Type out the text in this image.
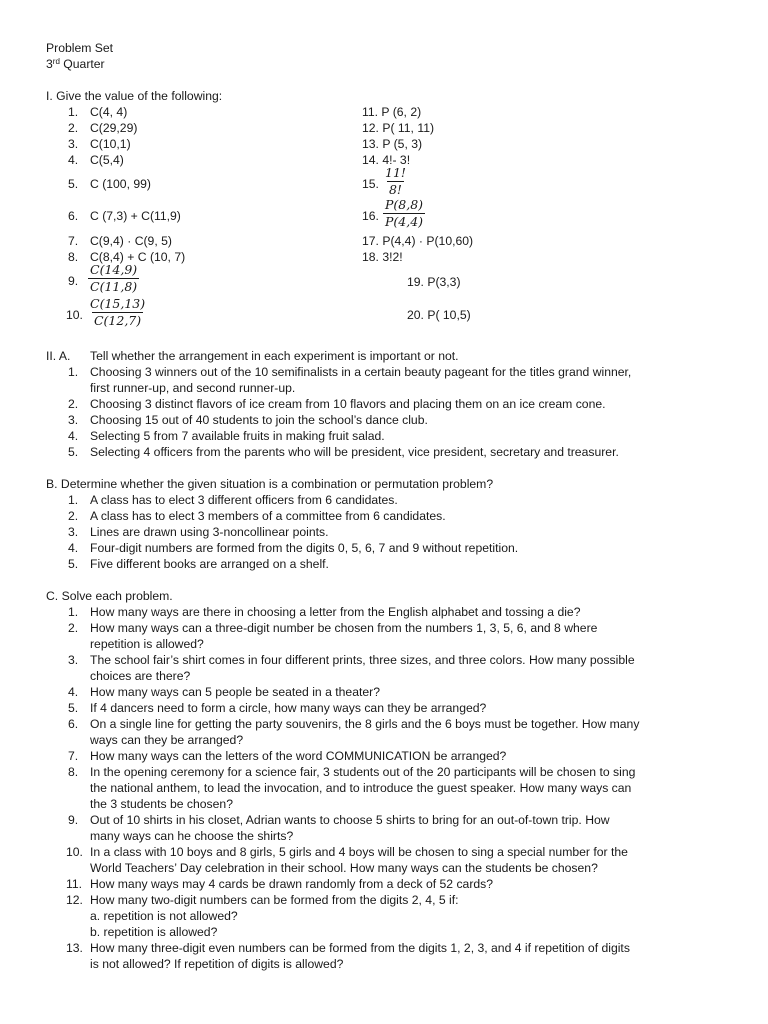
Problem Set
3rd Quarter
I. Give the value of the following:
1. C(4, 4)
2. C(29,29)
3. C(10,1)
4. C(5,4)
5. C (100, 99)
6. C (7,3) + C(11,9)
7. C(9,4) · C(9, 5)
8. C(8,4) + C (10, 7)
9. $\frac{C(14,9)}{C(11,8)}$
10. $\frac{C(15,13)}{C(12,7)}$
11. P (6, 2)
12. P( 11, 11)
13. P (5, 3)
14. 4!- 3!
15. $\frac{11!}{8!}$
16. $\frac{P(8,8)}{P(4,4)}$
17. P(4,4) · P(10,60)
18. 3!2!
19. P(3,3)
20. P( 10,5)
II. A. Tell whether the arrangement in each experiment is important or not.
1. Choosing 3 winners out of the 10 semifinalists in a certain beauty pageant for the titles grand winner,
first runner-up, and second runner-up.
2. Choosing 3 distinct flavors of ice cream from 10 flavors and placing them on an ice cream cone.
3. Choosing 15 out of 40 students to join the school’s dance club.
4. Selecting 5 from 7 available fruits in making fruit salad.
5. Selecting 4 officers from the parents who will be president, vice president, secretary and treasurer.
B. Determine whether the given situation is a combination or permutation problem?
1. A class has to elect 3 different officers from 6 candidates.
2. A class has to elect 3 members of a committee from 6 candidates.
3. Lines are drawn using 3-noncollinear points.
4. Four-digit numbers are formed from the digits 0, 5, 6, 7 and 9 without repetition.
5. Five different books are arranged on a shelf.
C. Solve each problem.
1. How many ways are there in choosing a letter from the English alphabet and tossing a die?
2. How many ways can a three-digit number be chosen from the numbers 1, 3, 5, 6, and 8 where
repetition is allowed?
3. The school fair’s shirt comes in four different prints, three sizes, and three colors. How many possible
choices are there?
4. How many ways can 5 people be seated in a theater?
5. If 4 dancers need to form a circle, how many ways can they be arranged?
6. On a single line for getting the party souvenirs, the 8 girls and the 6 boys must be together. How many
ways can they be arranged?
7. How many ways can the letters of the word COMMUNICATION be arranged?
8. In the opening ceremony for a science fair, 3 students out of the 20 participants will be chosen to sing
the national anthem, to lead the invocation, and to introduce the guest speaker. How many ways can
the 3 students be chosen?
9. Out of 10 shirts in his closet, Adrian wants to choose 5 shirts to bring for an out-of-town trip. How
many ways can he choose the shirts?
10. In a class with 10 boys and 8 girls, 5 girls and 4 boys will be chosen to sing a special number for the
World Teachers’ Day celebration in their school. How many ways can the students be chosen?
11. How many ways may 4 cards be drawn randomly from a deck of 52 cards?
12. How many two-digit numbers can be formed from the digits 2, 4, 5 if:
a. repetition is not allowed?
b. repetition is allowed?
13. How many three-digit even numbers can be formed from the digits 1, 2, 3, and 4 if repetition of digits
is not allowed? If repetition of digits is allowed?
